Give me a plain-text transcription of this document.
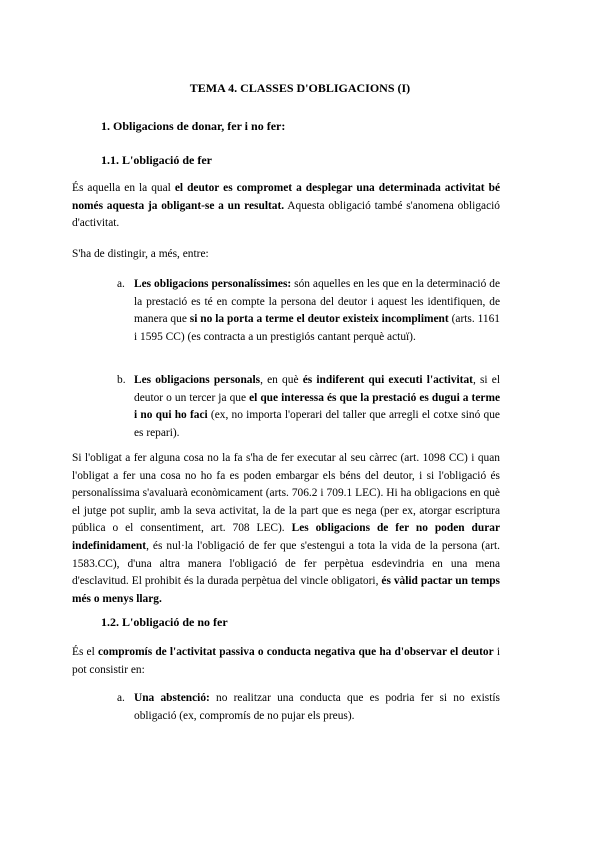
TEMA 4. CLASSES D'OBLIGACIONS (I)
1. Obligacions de donar, fer i no fer:
1.1. L'obligació de fer
És aquella en la qual el deutor es compromet a desplegar una determinada activitat bé només aquesta ja obligant-se a un resultat. Aquesta obligació també s'anomena obligació d'activitat.
S'ha de distingir, a més, entre:
a. Les obligacions personalíssimes: són aquelles en les que en la determinació de la prestació es té en compte la persona del deutor i aquest les identifiquen, de manera que si no la porta a terme el deutor existeix incompliment (arts. 1161 i 1595 CC) (es contracta a un prestigiós cantant perquè actuï).
b. Les obligacions personals, en què és indiferent qui executi l'activitat, si el deutor o un tercer ja que el que interessa és que la prestació es dugui a terme i no qui ho faci (ex, no importa l'operari del taller que arregli el cotxe sinó que es repari).
Si l'obligat a fer alguna cosa no la fa s'ha de fer executar al seu càrrec (art. 1098 CC) i quan l'obligat a fer una cosa no ho fa es poden embargar els béns del deutor, i si l'obligació és personalíssima s'avaluarà econòmicament (arts. 706.2 i 709.1 LEC). Hi ha obligacions en què el jutge pot suplir, amb la seva activitat, la de la part que es nega (per ex, atorgar escriptura pública o el consentiment, art. 708 LEC). Les obligacions de fer no poden durar indefinidament, és nul·la l'obligació de fer que s'estengui a tota la vida de la persona (art. 1583.CC), d'una altra manera l'obligació de fer perpètua esdevindria en una mena d'esclavitud. El prohibit és la durada perpètua del vincle obligatori, és vàlid pactar un temps més o menys llarg.
1.2. L'obligació de no fer
És el compromís de l'activitat passiva o conducta negativa que ha d'observar el deutor i pot consistir en:
a. Una abstenció: no realitzar una conducta que es podria fer si no existís obligació (ex, compromís de no pujar els preus).
